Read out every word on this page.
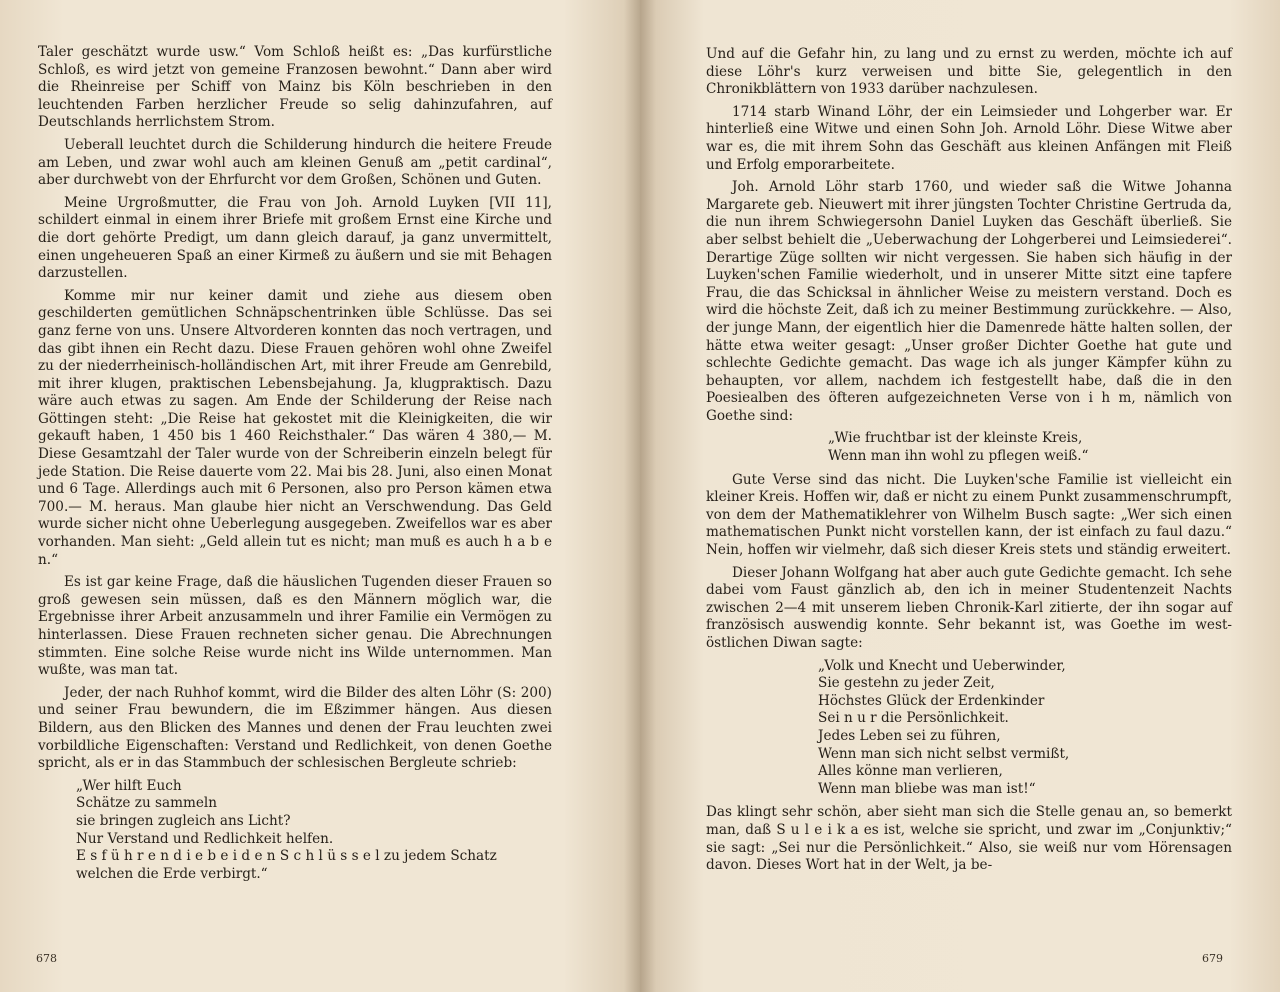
Taler geschätzt wurde usw.“ Vom Schloß heißt es: „Das kurfürstliche Schloß, es wird jetzt von gemeine Franzosen bewohnt.“ Dann aber wird die Rheinreise per Schiff von Mainz bis Köln beschrieben in den leuchtenden Farben herzlicher Freude so selig dahinzufahren, auf Deutschlands herrlichstem Strom.

Ueberall leuchtet durch die Schilderung hindurch die heitere Freude am Leben, und zwar wohl auch am kleinen Genuß am „petit cardinal“, aber durchwebt von der Ehrfurcht vor dem Großen, Schönen und Guten.

Meine Urgroßmutter, die Frau von Joh. Arnold Luyken [VII 11], schildert einmal in einem ihrer Briefe mit großem Ernst eine Kirche und die dort gehörte Predigt, um dann gleich darauf, ja ganz unvermittelt, einen ungeheueren Spaß an einer Kirmeß zu äußern und sie mit Behagen darzustellen.

Komme mir nur keiner damit und ziehe aus diesem oben geschilderten gemütlichen Schnäpschentrinken üble Schlüsse. Das sei ganz ferne von uns. Unsere Altvorderen konnten das noch vertragen, und das gibt ihnen ein Recht dazu. Diese Frauen gehören wohl ohne Zweifel zu der niederrheinisch-holländischen Art, mit ihrer Freude am Genrebild, mit ihrer klugen, praktischen Lebensbejahung. Ja, klugpraktisch. Dazu wäre auch etwas zu sagen. Am Ende der Schilderung der Reise nach Göttingen steht: „Die Reise hat gekostet mit die Kleinigkeiten, die wir gekauft haben, 1 450 bis 1 460 Reichsthaler.“ Das wären 4 380,— M. Diese Gesamtzahl der Taler wurde von der Schreiberin einzeln belegt für jede Station. Die Reise dauerte vom 22. Mai bis 28. Juni, also einen Monat und 6 Tage. Allerdings auch mit 6 Personen, also pro Person kämen etwa 700.— M. heraus. Man glaube hier nicht an Verschwendung. Das Geld wurde sicher nicht ohne Ueberlegung ausgegeben. Zweifellos war es aber vorhanden. Man sieht: „Geld allein tut es nicht; man muß es auch h a b e n.“

Es ist gar keine Frage, daß die häuslichen Tugenden dieser Frauen so groß gewesen sein müssen, daß es den Männern möglich war, die Ergebnisse ihrer Arbeit anzusammeln und ihrer Familie ein Vermögen zu hinterlassen. Diese Frauen rechneten sicher genau. Die Abrechnungen stimmten. Eine solche Reise wurde nicht ins Wilde unternommen. Man wußte, was man tat.

Jeder, der nach Ruhhof kommt, wird die Bilder des alten Löhr (S: 200) und seiner Frau bewundern, die im Eßzimmer hängen. Aus diesen Bildern, aus den Blicken des Mannes und denen der Frau leuchten zwei vorbildliche Eigenschaften: Verstand und Redlichkeit, von denen Goethe spricht, als er in das Stammbuch der schlesischen Bergleute schrieb:

„Wer hilft Euch
Schätze zu sammeln
sie bringen zugleich ans Licht?
Nur Verstand und Redlichkeit helfen.
E s f ü h r e n d i e b e i d e n S c h l ü s s e l zu jedem Schatz
welchen die Erde verbirgt.“
678

Und auf die Gefahr hin, zu lang und zu ernst zu werden, möchte ich auf diese Löhr's kurz verweisen und bitte Sie, gelegentlich in den Chronikblättern von 1933 darüber nachzulesen.

1714 starb Winand Löhr, der ein Leimsieder und Lohgerber war. Er hinterließ eine Witwe und einen Sohn Joh. Arnold Löhr. Diese Witwe aber war es, die mit ihrem Sohn das Geschäft aus kleinen Anfängen mit Fleiß und Erfolg emporarbeitete.

Joh. Arnold Löhr starb 1760, und wieder saß die Witwe Johanna Margarete geb. Nieuwert mit ihrer jüngsten Tochter Christine Gertruda da, die nun ihrem Schwiegersohn Daniel Luyken das Geschäft überließ. Sie aber selbst behielt die „Ueberwachung der Lohgerberei und Leimsiederei“. Derartige Züge sollten wir nicht vergessen. Sie haben sich häufig in der Luyken'schen Familie wiederholt, und in unserer Mitte sitzt eine tapfere Frau, die das Schicksal in ähnlicher Weise zu meistern verstand. Doch es wird die höchste Zeit, daß ich zu meiner Bestimmung zurückkehre. — Also, der junge Mann, der eigentlich hier die Damenrede hätte halten sollen, der hätte etwa weiter gesagt: „Unser großer Dichter Goethe hat gute und schlechte Gedichte gemacht. Das wage ich als junger Kämpfer kühn zu behaupten, vor allem, nachdem ich festgestellt habe, daß die in den Poesiealben des öfteren aufgezeichneten Verse von i h m, nämlich von Goethe sind:

„Wie fruchtbar ist der kleinste Kreis,
Wenn man ihn wohl zu pflegen weiß.“

Gute Verse sind das nicht. Die Luyken'sche Familie ist vielleicht ein kleiner Kreis. Hoffen wir, daß er nicht zu einem Punkt zusammenschrumpft, von dem der Mathematiklehrer von Wilhelm Busch sagte: „Wer sich einen mathematischen Punkt nicht vorstellen kann, der ist einfach zu faul dazu.“ Nein, hoffen wir vielmehr, daß sich dieser Kreis stets und ständig erweitert.

Dieser Johann Wolfgang hat aber auch gute Gedichte gemacht. Ich sehe dabei vom Faust gänzlich ab, den ich in meiner Studentenzeit Nachts zwischen 2—4 mit unserem lieben Chronik-Karl zitierte, der ihn sogar auf französisch auswendig konnte. Sehr bekannt ist, was Goethe im west-östlichen Diwan sagte:

„Volk und Knecht und Ueberwinder,
Sie gestehn zu jeder Zeit,
Höchstes Glück der Erdenkinder
Sei n u r die Persönlichkeit.
Jedes Leben sei zu führen,
Wenn man sich nicht selbst vermißt,
Alles könne man verlieren,
Wenn man bliebe was man ist!“

Das klingt sehr schön, aber sieht man sich die Stelle genau an, so bemerkt man, daß S u l e i k a es ist, welche sie spricht, und zwar im „Conjunktiv;“ sie sagt: „Sei nur die Persönlichkeit.“ Also, sie weiß nur vom Hörensagen davon. Dieses Wort hat in der Welt, ja be-

679
